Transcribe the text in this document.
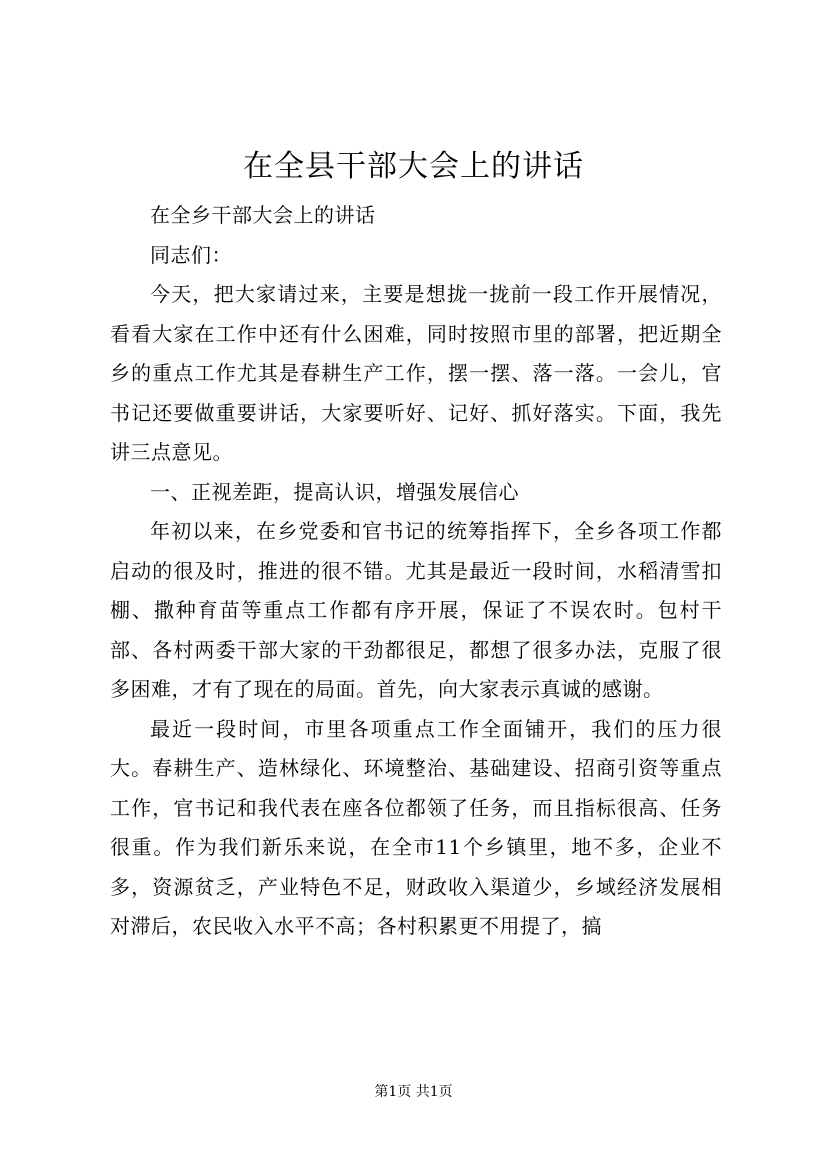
在全县干部大会上的讲话

在全乡干部大会上的讲话

同志们：

今天，把大家请过来，主要是想拢一拢前一段工作开展情况，看看大家在工作中还有什么困难，同时按照市里的部署，把近期全乡的重点工作尤其是春耕生产工作，摆一摆、落一落。一会儿，官书记还要做重要讲话，大家要听好、记好、抓好落实。下面，我先讲三点意见。

一、正视差距，提高认识，增强发展信心

年初以来，在乡党委和官书记的统筹指挥下，全乡各项工作都启动的很及时，推进的很不错。尤其是最近一段时间，水稻清雪扣棚、撒种育苗等重点工作都有序开展，保证了不误农时。包村干部、各村两委干部大家的干劲都很足，都想了很多办法，克服了很多困难，才有了现在的局面。首先，向大家表示真诚的感谢。

最近一段时间，市里各项重点工作全面铺开，我们的压力很大。春耕生产、造林绿化、环境整治、基础建设、招商引资等重点工作，官书记和我代表在座各位都领了任务，而且指标很高、任务很重。作为我们新乐来说，在全市11个乡镇里，地不多，企业不多，资源贫乏，产业特色不足，财政收入渠道少，乡域经济发展相对滞后，农民收入水平不高；各村积累更不用提了，搞

第1页 共1页
